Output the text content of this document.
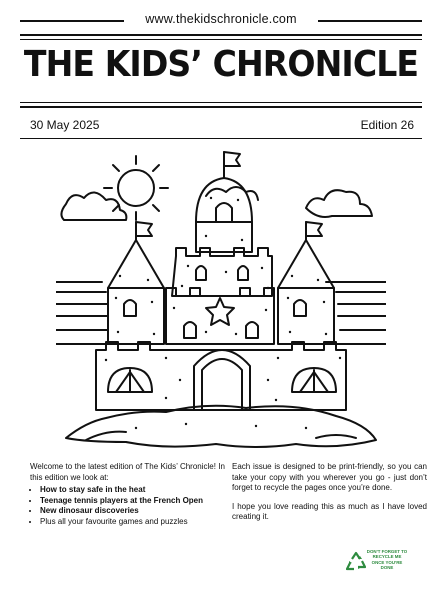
www.thekidschronicle.com
THE KIDS’ CHRONICLE
30 May 2025	Edition 26

Welcome to the latest edition of The Kids’ Chronicle! In this edition we look at:

• How to stay safe in the heat
• Teenage tennis players at the French Open
• New dinosaur discoveries
• Plus all your favourite games and puzzles

Each issue is designed to be print-friendly, so you can take your copy with you wherever you go - just don’t forget to recycle the pages once you’re done.

I hope you love reading this as much as I have loved creating it.

DON’T FORGET TO RECYCLE ME ONCE YOU’RE DONE
